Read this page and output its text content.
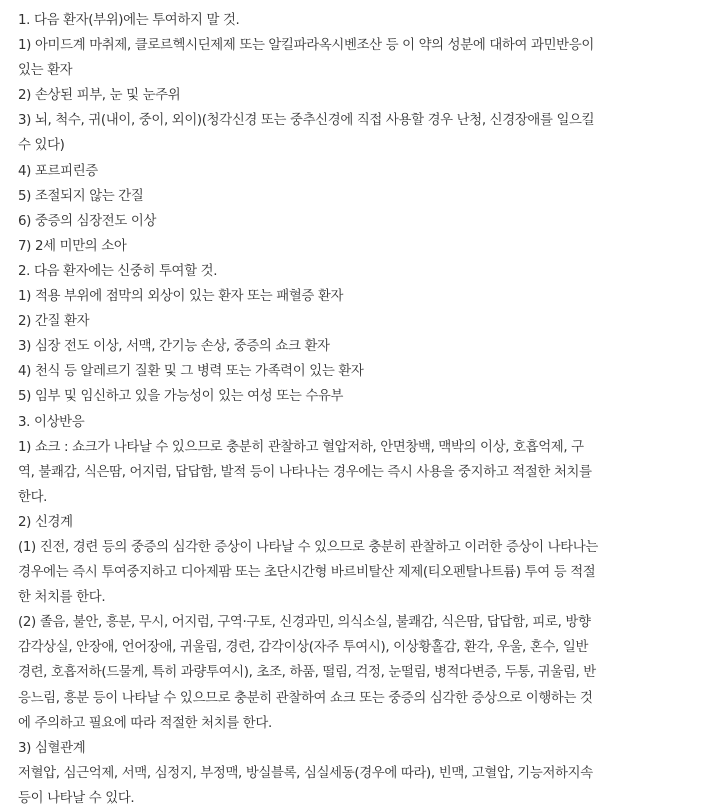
1. 다음 환자(부위)에는 투여하지 말 것.
1) 아미드계 마취제, 클로르헥시딘제제 또는 알킬파라옥시벤조산 등 이 약의 성분에 대하여 과민반응이
있는 환자
2) 손상된 피부, 눈 및 눈주위
3) 뇌, 척수, 귀(내이, 중이, 외이)(청각신경 또는 중추신경에 직접 사용할 경우 난청, 신경장애를 일으킬
수 있다)
4) 포르피린증
5) 조절되지 않는 간질
6) 중증의 심장전도 이상
7) 2세 미만의 소아
2. 다음 환자에는 신중히 투여할 것.
1) 적용 부위에 점막의 외상이 있는 환자 또는 패혈증 환자
2) 간질 환자
3) 심장 전도 이상, 서맥, 간기능 손상, 중증의 쇼크 환자
4) 천식 등 알레르기 질환 및 그 병력 또는 가족력이 있는 환자
5) 임부 및 임신하고 있을 가능성이 있는 여성 또는 수유부
3. 이상반응
1) 쇼크 : 쇼크가 나타날 수 있으므로 충분히 관찰하고 혈압저하, 안면창백, 맥박의 이상, 호흡억제, 구
역, 불쾌감, 식은땀, 어지럼, 답답함, 발적 등이 나타나는 경우에는 즉시 사용을 중지하고 적절한 처치를
한다.
2) 신경계
(1) 진전, 경련 등의 중증의 심각한 증상이 나타날 수 있으므로 충분히 관찰하고 이러한 증상이 나타나는
경우에는 즉시 투여중지하고 디아제팜 또는 초단시간형 바르비탈산 제제(티오펜탈나트륨) 투여 등 적절
한 처치를 한다.
(2) 졸음, 불안, 흥분, 무시, 어지럼, 구역·구토, 신경과민, 의식소실, 불쾌감, 식은땀, 답답함, 피로, 방향
감각상실, 안장애, 언어장애, 귀울림, 경련, 감각이상(자주 투여시), 이상황홀감, 환각, 우울, 혼수, 일반
경련, 호흡저하(드물게, 특히 과량투여시), 초조, 하품, 떨림, 걱정, 눈떨림, 병적다변증, 두통, 귀울림, 반
응느림, 흥분 등이 나타날 수 있으므로 충분히 관찰하여 쇼크 또는 중증의 심각한 증상으로 이행하는 것
에 주의하고 필요에 따라 적절한 처치를 한다.
3) 심혈관계
저혈압, 심근억제, 서맥, 심정지, 부정맥, 방실블록, 심실세동(경우에 따라), 빈맥, 고혈압, 기능저하지속
등이 나타날 수 있다.
